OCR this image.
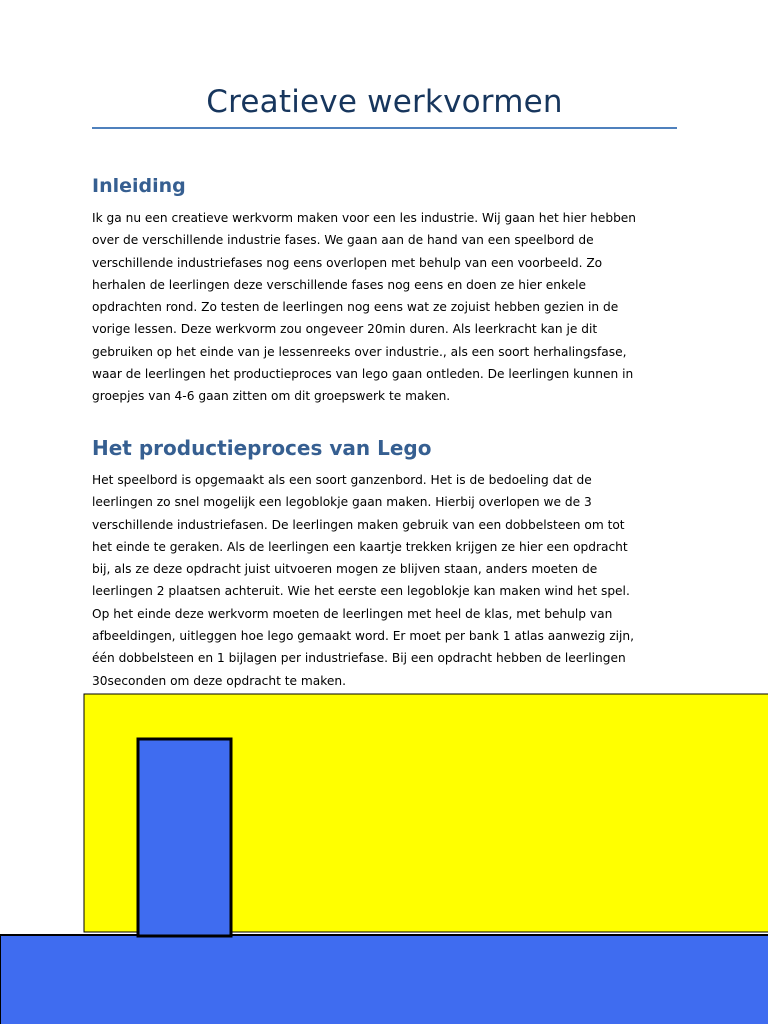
Creatieve werkvormen
Inleiding
Ik ga nu een creatieve werkvorm maken voor een les industrie. Wij gaan het hier hebben
over de verschillende industrie fases. We gaan aan de hand van een speelbord de
verschillende industriefases nog eens overlopen met behulp van een voorbeeld. Zo
herhalen de leerlingen deze verschillende fases nog eens en doen ze hier enkele
opdrachten rond. Zo testen de leerlingen nog eens wat ze zojuist hebben gezien in de
vorige lessen. Deze werkvorm zou ongeveer 20min duren. Als leerkracht kan je dit
gebruiken op het einde van je lessenreeks over industrie., als een soort herhalingsfase,
waar de leerlingen het productieproces van lego gaan ontleden. De leerlingen kunnen in
groepjes van 4-6 gaan zitten om dit groepswerk te maken.
Het productieproces van Lego
Het speelbord is opgemaakt als een soort ganzenbord. Het is de bedoeling dat de
leerlingen zo snel mogelijk een legoblokje gaan maken. Hierbij overlopen we de 3
verschillende industriefasen. De leerlingen maken gebruik van een dobbelsteen om tot
het einde te geraken. Als de leerlingen een kaartje trekken krijgen ze hier een opdracht
bij, als ze deze opdracht juist uitvoeren mogen ze blijven staan, anders moeten de
leerlingen 2 plaatsen achteruit. Wie het eerste een legoblokje kan maken wind het spel.
Op het einde deze werkvorm moeten de leerlingen met heel de klas, met behulp van
afbeeldingen, uitleggen hoe lego gemaakt word. Er moet per bank 1 atlas aanwezig zijn,
één dobbelsteen en 1 bijlagen per industriefase. Bij een opdracht hebben de leerlingen
30seconden om deze opdracht te maken.
